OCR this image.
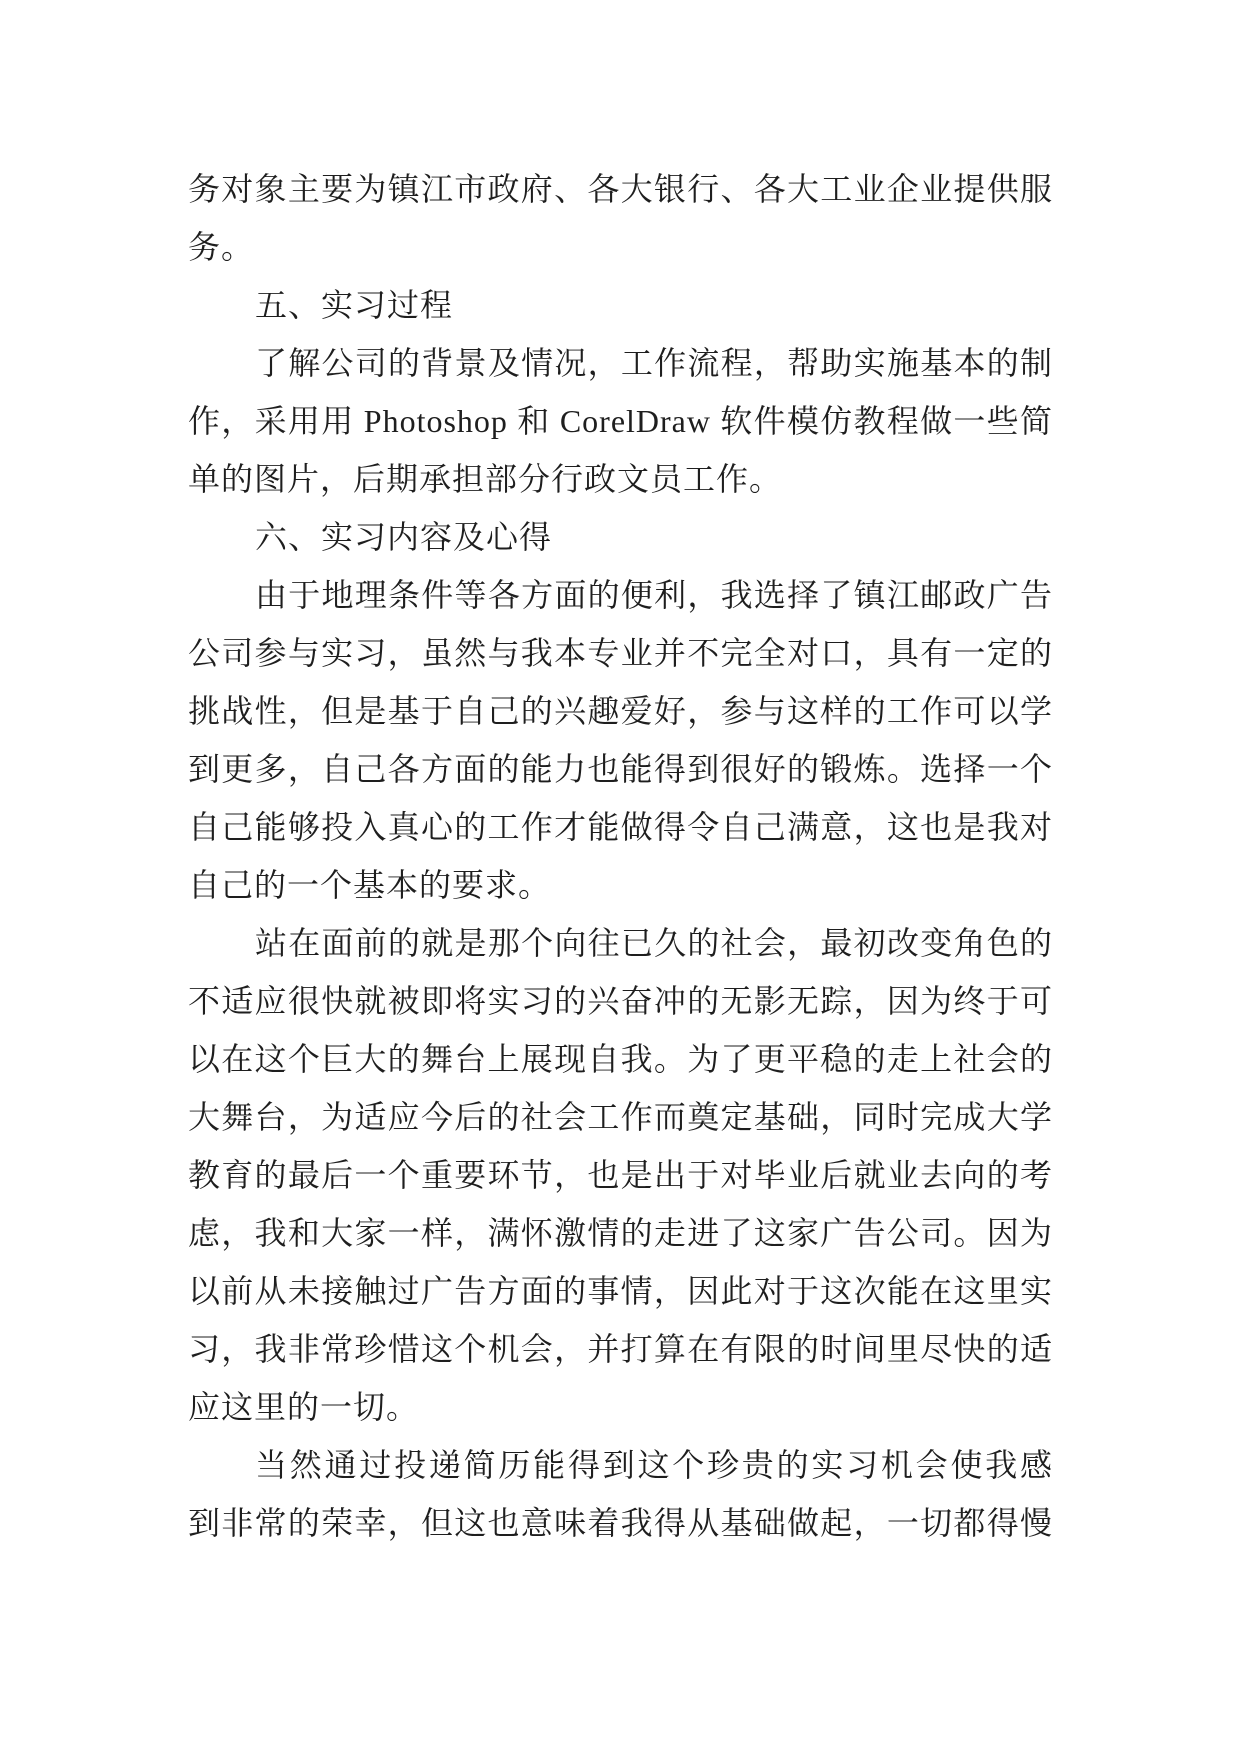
务对象主要为镇江市政府、各大银行、各大工业企业提供服
务。
五、实习过程
了解公司的背景及情况，工作流程，帮助实施基本的制
作，采用用 Photoshop 和 CorelDraw 软件模仿教程做一些简
单的图片，后期承担部分行政文员工作。
六、实习内容及心得
由于地理条件等各方面的便利，我选择了镇江邮政广告
公司参与实习，虽然与我本专业并不完全对口，具有一定的
挑战性，但是基于自己的兴趣爱好，参与这样的工作可以学
到更多，自己各方面的能力也能得到很好的锻炼。选择一个
自己能够投入真心的工作才能做得令自己满意，这也是我对
自己的一个基本的要求。
站在面前的就是那个向往已久的社会，最初改变角色的
不适应很快就被即将实习的兴奋冲的无影无踪，因为终于可
以在这个巨大的舞台上展现自我。为了更平稳的走上社会的
大舞台，为适应今后的社会工作而奠定基础，同时完成大学
教育的最后一个重要环节，也是出于对毕业后就业去向的考
虑，我和大家一样，满怀激情的走进了这家广告公司。因为
以前从未接触过广告方面的事情，因此对于这次能在这里实
习，我非常珍惜这个机会，并打算在有限的时间里尽快的适
应这里的一切。
当然通过投递简历能得到这个珍贵的实习机会使我感
到非常的荣幸，但这也意味着我得从基础做起，一切都得慢
